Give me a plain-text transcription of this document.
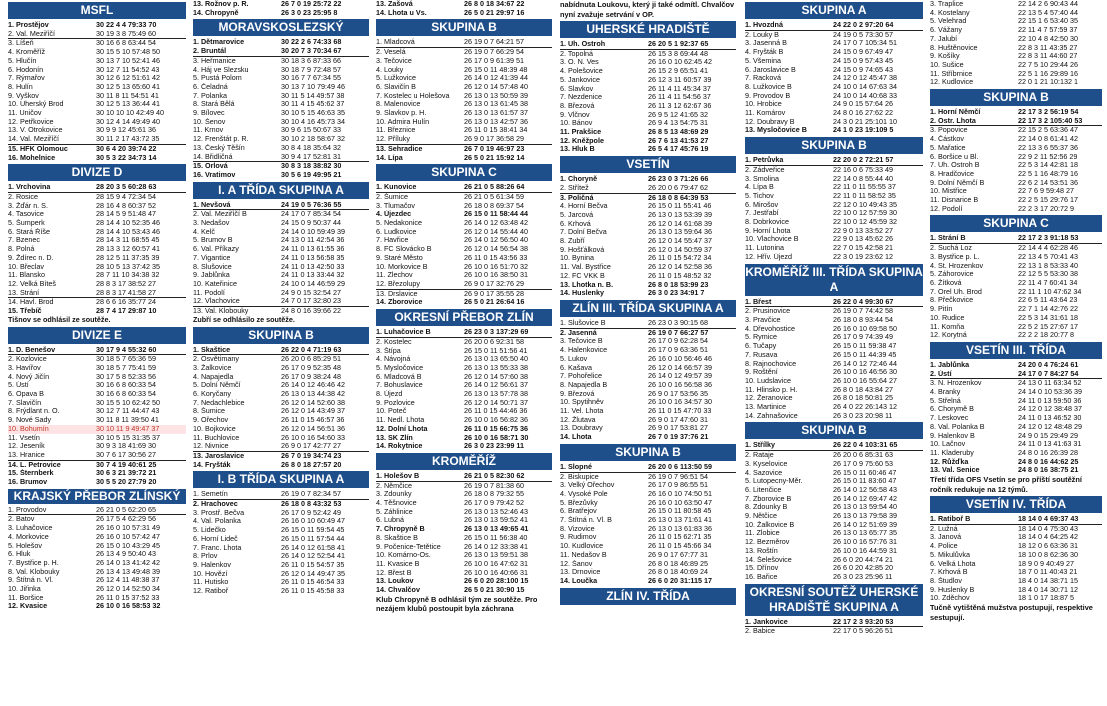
MSFL
1. Prostějov	30 22 4 4 79:33 70
2. Val. Meziříčí	30 19 3 8 75:49 60
3. Líšeň	30 16 6 8 63:44 54
4. Kroměříž	30 15 5 10 57:48 50
5. Hlučín	30 13 7 10 52:41 46
6. Hodonín	30 12 7 11 54:52 43
7. Rýmařov	30 12 6 12 51:61 42
8. Hulín	30 12 5 13 65:60 41
9. Vyškov	30 11 8 11 54:51 41
10. Uherský Brod	30 12 5 13 36:44 41
11. Uničov	30 10 10 10 42:49 40
12. Petřkovice	30 12 4 14 49:49 40
13. V. Otrokovice	30 9 9 12 45:61 36
14. Val. Meziříčí	30 11 2 17 43:72 35
15. HFK Olomouc	30 6 4 20 39:74 22
16. Mohelnice	30 5 3 22 34:73 14
DIVIZE D
1. Vrchovina	28 20 3 5 60:28 63
2. Rosice	28 15 9 4 72:34 54
3. Žďár n. S.	28 16 4 8 60:37 52
4. Tasovice	28 14 5 9 51:48 47
5. Šumperk	28 14 4 10 52:35 46
6. Stará Říše	28 14 4 10 53:43 46
7. Bzenec	28 14 3 11 68:55 45
8. Polná	28 13 3 12 60:57 41
9. Ždírec n. D.	28 12 5 11 37:35 39
10. Břeclav	28 10 5 13 37:42 35
11. Blansko	28 7 11 10 34:38 32
12. Velká Bíteš	28 8 3 17 38:52 27
13. Strání	28 8 3 17 41:58 27
14. Havl. Brod	28 6 6 16 35:77 24
15. Třebíč	28 7 4 17 29:87 10
Tišnov se odhlásil ze soutěže.
DIVIZE E
1. D. Benešov	30 17 9 4 55:32 60
2. Kozlovice	30 18 5 7 65:36 59
3. Havířov	30 18 5 7 75:41 59
4. Nový Jičín	30 17 5 8 52:33 56
5. Ústí	30 16 6 8 60:33 54
6. Opava B	30 16 6 8 60:33 54
7. Slavičín	30 15 5 10 62:42 50
8. Frýdlant n. O.	30 12 7 11 44:47 43
9. Nové Sady	30 11 8 11 39:50 41
10. Bohumín	30 10 11 9 49:47 37
11. Vsetín	30 10 5 15 31:35 37
12. Jeseník	30 9 3 18 41:69 30
13. Hranice	30 7 6 17 30:56 27
14. L. Petrovice	30 7 4 19 40:61 25
15. Šternberk	30 6 3 21 39:72 21
16. Brumov	30 5 5 20 27:79 20
KRAJSKÝ PŘEBOR ZLÍNSKÝ
1. Provodov	26 21 0 5 62:20 65
2. Batov	26 17 5 4 62:29 56
3. Luhačovice	26 16 0 10 57:31 49
4. Morkovice	26 16 0 10 57:42 47
5. Holešov	26 15 0 10 43:29 45
6. Hluk	26 13 4 9 50:40 43
7. Bystřice p. H.	26 14 0 13 41:42 42
8. Val. Klobouky	26 13 4 13 49:48 39
9. Štítná n. Vl.	26 12 4 11 48:38 37
10. Jiřinka	26 12 0 14 52:50 34
11. Boršice	26 11 0 15 37:52 33
12. Kvasice	26 10 0 16 58:53 32
13. Rožnov p. R.	26 7 0 19 25:72 22
14. Chropyně	26 3 0 23 25:95 8
MORAVSKOSLEZSKÝ
1. Dětmarovice	30 22 2 6 74:33 68
2. Bruntál	30 20 7 3 70:34 67
3. Heřmanice	30 18 3 6 87:33 66
4. Háj ve Slezsku	30 18 7 9 72:48 57
5. Pustá Polom	30 16 7 7 67:34 55
6. Čeladná	30 13 7 10 79:49 46
7. Polanka	30 11 5 14 49:57 38
8. Stará Bělá	30 11 4 15 45:62 37
9. Bílovec	30 10 5 15 46:63 35
10. Šenov	30 10 4 16 45:73 34
11. Krnov	30 9 6 15 50:67 33
12. Frenštát p. R.	30 10 2 18 58:67 32
13. Český Těšín	30 8 4 18 35:64 32
14. Břidličná	30 9 4 17 52:81 31
15. Orlová	30 8 3 18 38:82 30
16. Vratimov	30 5 6 19 49:95 21
I. A TŘÍDA SKUPINA A
1. Nevšová	24 19 0 5 76:36 55
2. Val. Meziříčí B	24 17 0 7 85:34 54
3. Nedašov	24 15 0 9 50:37 44
4. Kelč	24 14 0 10 59:49 39
5. Brumov B	24 13 0 11 42:54 36
6. Val. Příkazy	24 11 0 13 61:55 36
7. Vigantice	24 11 0 13 56:58 35
8. Slušovice	24 11 0 13 42:50 33
9. Jablůnka	24 11 0 13 33:44 32
10. Kateřinice	24 10 0 14 46:59 29
11. Podolí	24 9 0 15 32:54 27
12. Vlachovice	24 7 0 17 32:80 23
13. Val. Klobouky	24 8 0 16 39:66 22
Zubří se odhlásilo ze soutěže.
SKUPINA B
1. Skaštice	26 22 0 4 71:19 63
2. Osvětimany	26 20 0 6 85:29 51
3. Žalkovice	26 17 0 9 52:35 48
4. Napajedla	26 17 0 9 38:24 48
5. Dolní Němčí	26 14 0 12 46:46 42
6. Koryčany	26 13 0 13 44:38 42
7. Nedachlebice	26 12 0 14 52:60 38
8. Šumice	26 12 0 14 43:49 37
9. Ořechov	26 11 0 15 46:57 36
10. Bojkovice	26 12 0 14 56:51 36
11. Buchlovice	26 10 0 16 54:60 33
12. Nivnice	26 9 0 17 42:77 27
13. Jaroslavice	26 7 0 19 34:74 23
14. Fryšták	26 8 0 18 27:57 20
I. B TŘÍDA SKUPINA A
1. Semetín	26 19 0 7 82:34 57
2. Hrachovec	26 18 0 8 43:32 53
3. Prostř. Bečva	26 17 0 9 52:42 49
4. Val. Polanka	26 16 0 10 60:49 47
5. Lidečko	26 15 0 11 59:54 45
6. Horní Lideč	26 15 0 11 57:54 44
7. Franc. Lhota	26 14 0 12 61:58 41
8. Prlov	26 14 0 12 52:54 41
9. Halenkov	26 11 0 15 54:57 35
10. Hovězí	26 12 0 14 49:47 35
11. Hutisko	26 11 0 15 46:54 33
12. Ratiboř	26 11 0 15 45:58 33
13. Zašová	26 8 0 18 34:67 22
14. Lhota u Vs.	26 5 0 21 29:97 16
SKUPINA B
1. Mladcová	26 19 0 7 64:21 57
2. Veselá	26 19 0 7 66:29 54
3. Tečovice	26 17 0 9 61:39 51
4. Louky	26 15 0 11 48:39 48
5. Lužkovice	26 14 0 12 41:39 44
6. Slavičín B	26 12 0 14 57:48 40
7. Kostelec u Holešova	26 13 0 13 50:59 39
8. Malenovice	26 13 0 13 61:45 38
9. Slavkov p. H.	26 13 0 13 61:57 37
10. Admira Hulín	26 13 0 13 42:57 36
11. Březnice	26 11 0 15 38:41 34
12. Příluky	26 9 0 17 36:58 29
13. Sehradice	26 7 0 19 46:97 23
14. Lípa	26 5 0 21 15:92 14
SKUPINA C
1. Kunovice	26 21 0 5 88:26 64
2. Šumice	26 21 0 5 61:34 59
3. Tlumačov	26 18 0 8 69:37 54
4. Újezdec	26 15 0 11 58:44 44
5. Nedakonice	26 14 0 12 63:48 42
6. Ludkovice	26 12 0 14 55:44 40
7. Havřice	26 14 0 12 56:50 40
8. FC Slovácko B	26 12 0 14 56:54 38
9. Staré Město	26 11 0 15 43:56 33
10. Morkovice B	26 10 0 16 51:70 32
11. Zlechov	26 10 0 16 38:50 31
12. Březolupy	26 9 0 17 32:76 29
13. Drslavice	26 9 0 17 35:55 28
14. Zborovice	26 5 0 21 26:64 16
OKRESNÍ PŘEBOR ZLÍN
1. Luhačovice B	26 23 0 3 137:29 69
2. Kostelec	26 20 0 6 92:31 58
3. Štípa	26 15 0 11 51:56 41
4. Návojná	26 13 0 13 65:50 40
5. Mysločovice	26 13 0 13 55:33 38
6. Mladcová B	26 12 0 14 57:60 38
7. Bohuslavice	26 14 0 12 56:61 37
8. Újezd	26 13 0 13 57:78 38
9. Pozlovice	26 12 0 14 50:71 37
10. Poteč	26 11 0 15 44:46 36
11. Nedl. Lhota	26 10 0 16 56:82 36
12. Dolní Lhota	26 11 0 15 66:75 36
13. SK Zlín	26 10 0 16 58:71 30
14. Rokytnice	26 3 0 23 23:99 11
KROMĚŘÍŽ
1. Holešov B	26 21 0 5 82:30 62
2. Němčice	26 19 0 7 81:38 60
3. Zdounky	26 18 0 8 79:32 55
4. Těšnovice	26 17 0 9 79:42 52
5. Záhlinice	26 13 0 13 52:46 43
6. Lubná	26 13 0 13 59:52 41
7. Chropyně B	26 13 0 13 49:65 41
8. Skaštice B	26 15 0 11 56:38 40
9. Počenice-Tetětice	26 14 0 12 33:38 41
10. Komárno-Os.	26 13 0 13 59:51 38
11. Kvasice B	26 10 0 16 47:62 31
12. Břest B	26 10 0 16 40:66 31
13. Loukov	26 6 0 20 28:100 15
14. Chvalčov	26 5 0 21 30:90 15
Klub Chropyně B odhlásil tým ze soutěže. Pro nezájem klubů postoupit byla záchrana
nabídnuta Loukovu, který ji také odmítl. Chvalčov nyní zvažuje setrvání v OP.
UHERSKÉ HRADIŠTĚ
1. Uh. Ostroh	26 20 5 1 92:37 65
2. Topolná	26 15 3 8 69:44 48
3. O. N. Ves	26 16 0 10 62:45 42
4. Polešovice	26 15 2 9 65:51 41
5. Jankovice	26 12 3 11 60:57 39
6. Slavkov	26 11 4 11 45:34 37
7. Nezdenice	26 11 4 11 54:56 37
8. Březová	26 11 3 12 62:67 36
9. Vlčnov	26 9 5 12 41:65 32
10. Bánov	26 9 4 13 54:75 31
11. Prakšice	26 8 5 13 48:69 29
12. Kněžpole	26 7 6 13 41:53 27
13. Hluk B	26 5 4 17 45:76 19
VSETÍN
1. Choryně	26 23 0 3 71:26 66
2. Střítež	26 20 0 6 79:47 62
3. Poličná	26 18 0 8 64:39 53
4. Horní Bečva	26 15 0 11 55:41 46
5. Jarcová	26 13 0 13 53:39 39
6. Krhová	26 12 0 14 61:68 39
7. Dolní Bečva	26 13 0 13 59:64 36
8. Zubří	26 12 0 14 55:47 37
9. Hošťálková	26 12 0 14 50:59 37
10. Bynina	26 11 0 15 54:72 34
11. Val. Bystřice	26 12 0 14 52:58 36
12. FC VKK B	26 11 0 15 48:52 32
13. Lhotka n. B.	26 8 0 18 53:99 23
14. Huslenky	26 3 0 23 34:91 7
ZLÍN III. TŘÍDA SKUPINA A
1. Slušovice B	26 23 0 3 90:15 68
2. Jasenná	26 19 0 7 66:27 57
3. Tečovice B	26 17 0 9 62:28 54
4. Halenkovice	26 17 0 9 63:36 51
5. Lukov	26 16 0 10 56:46 46
6. Kašava	26 12 0 14 66:57 39
7. Pohořelice	26 14 0 12 49:57 39
8. Napajedla B	26 10 0 16 56:58 36
9. Březová	26 9 0 17 53:56 35
10. Spytihněv	26 10 0 16 34:57 30
11. Vel. Lhota	26 11 0 15 47:70 33
12. Žlutava	26 9 0 17 47:60 31
13. Doubravy	26 9 0 17 53:81 27
14. Lhota	26 7 0 19 37:76 21
SKUPINA B
1. Slopné	26 20 0 6 113:50 59
2. Biskupice	26 19 0 7 96:51 54
3. Velký Ořechov	26 17 0 9 86:55 51
4. Vysoké Pole	26 16 0 10 74:50 51
5. Březůvky	26 16 0 10 63:50 47
6. Bratřejov	26 15 0 11 80:58 45
7. Štítná n. Vl. B	26 13 0 13 71:61 41
8. Vizovice	26 13 0 13 61:83 36
9. Rudimov	26 11 0 15 62:71 35
10. Kudlovice	26 11 0 15 45:66 34
11. Nedašov B	26 9 0 17 67:77 31
12. Šanov	26 8 0 18 46:89 25
13. Drnovice	26 8 0 18 40:69 24
14. Loučka	26 6 0 20 31:115 17
ZLÍN IV. TŘÍDA
SKUPINA A
1. Hvozdná	24 22 0 2 97:20 64
2. Louky B	24 19 0 5 73:30 57
3. Jasenná B	24 17 0 7 105:34 51
4. Fryšták B	24 15 0 9 67:49 47
5. Všemina	24 15 0 9 57:43 45
6. Jaroslavice B	24 15 0 9 74:65 43
7. Racková	24 12 0 12 45:47 38
8. Lužkovice B	24 10 0 14 67:63 34
9. Provodov B	24 10 0 14 40:68 33
10. Hrobice	24 9 0 15 57:64 26
11. Komárov	24 8 0 16 27:62 22
12. Doubravy B	24 3 0 21 25:101 10
13. Mysločovice B	24 1 0 23 19:109 5
SKUPINA B
1. Petrůvka	22 20 0 2 72:21 57
2. Zádveřice	22 16 0 6 75:33 49
3. Smolina	22 14 0 8 55:44 40
4. Lípa B	22 11 0 11 55:55 37
5. Tichov	22 11 0 11 58:52 35
6. Mirošov	22 12 0 10 49:43 35
7. Jestřabí	22 10 0 12 57:59 30
8. Dobrkovice	22 10 0 12 45:59 32
9. Horní Lhota	22 9 0 13 33:52 27
10. Vlachovice B	22 9 0 13 45:62 26
11. Lutonina	22 7 0 15 42:58 21
12. Hřív. Újezd	22 3 0 19 23:62 12
KROMĚŘÍŽ III. TŘÍDA SKUPINA A
1. Břest	26 22 0 4 99:30 67
2. Prusinovice	26 19 0 7 74:42 58
3. Pravčice	26 18 0 8 93:44 54
4. Dřevohostice	26 16 0 10 69:58 50
5. Rymice	26 17 0 9 74:39 49
6. Tučapy	26 15 0 11 59:38 47
7. Rusava	26 15 0 11 44:39 45
8. Rajnochovice	26 14 0 12 72:46 44
9. Roštění	26 10 0 16 46:56 30
10. Ludslavice	26 10 0 16 55:64 27
11. Hlinsko p. H.	26 8 0 18 43:84 27
12. Žeranovice	26 8 0 18 50:81 25
13. Martinice	26 4 0 22 26:143 12
14. Zahnašovice	26 3 0 23 20:98 11
SKUPINA B
1. Střílky	26 22 0 4 103:31 65
2. Rataje	26 20 0 6 85:31 63
3. Kyselovice	26 17 0 9 75:60 53
4. Sazovice	26 15 0 11 60:46 47
5. Lutopecny-Měr.	26 15 0 11 83:60 47
6. Litenčice	26 14 0 12 56:58 43
7. Zborovice B	26 14 0 12 69:47 42
8. Zdounky B	26 13 0 13 59:54 40
9. Nětčice	26 13 0 13 79:58 39
10. Žalkovice B	26 14 0 12 51:69 39
11. Zlobice	26 13 0 13 65:77 35
12. Bezměrov	26 10 0 16 57:76 31
13. Roštín	26 10 0 16 44:59 31
14. Šelešovice	26 6 0 20 44:74 21
15. Dřínov	26 6 0 20 42:85 20
16. Bařice	26 3 0 23 25:96 11
OKRESNÍ SOUTĚŽ UHERSKÉ HRADIŠTĚ SKUPINA A
1. Jankovice	22 17 2 3 93:20 53
2. Babice	22 17 0 5 96:26 51
3. Traplice	22 14 2 6 90:43 44
4. Kostelany	22 13 5 4 57:40 44
5. Velehrad	22 15 1 6 53:40 35
6. Vážany	22 11 4 7 57:59 37
7. Jalubí	22 10 4 8 42:50 30
8. Huštěnovice	22 8 3 11 43:35 27
9. Košíky	22 8 3 11 44:60 27
10. Sušice	22 7 5 10 29:44 26
11. Stříbrnice	22 5 1 16 29:89 16
12. Kudlovice	22 0 1 21 10:132 1
SKUPINA B
1. Horní Němčí	22 17 3 2 56:19 54
2. Ostr. Lhota	22 17 3 2 105:40 53
3. Popovice	22 15 2 5 63:36 47
4. Částkov	22 14 0 8 61:41 42
5. Mařatice	22 13 3 6 55:37 36
6. Boršice u Bl.	22 9 2 11 52:56 29
7. Uh. Ostroh B	22 5 3 14 42:81 18
8. Hradčovice	22 5 1 16 48:79 16
9. Dolní Němčí B	22 6 2 14 53:51 36
10. Mistřice	22 7 6 9 59:48 27
11. Disnarice B	22 2 5 15 29:76 17
12. Podolí	22 2 3 17 20:72 9
SKUPINA C
1. Strání B	22 17 2 3 91:18 53
2. Suchá Loz	22 14 4 4 62:28 46
3. Bystřice p. L.	22 13 4 5 70:41 43
4. St. Hrozenkov	22 13 1 8 53:33 40
5. Záhorovice	22 12 5 5 53:30 38
6. Žítková	22 11 4 7 60:41 34
7. Orel Uh. Brod	22 11 1 10 47:62 34
8. Přečkovice	22 6 5 11 43:64 23
9. Pitín	22 7 1 14 42:76 22
10. Rudice	22 5 3 14 31:61 18
11. Komňa	22 5 2 15 27:67 17
12. Korytná	22 2 2 18 20:77 8
VSETÍN III. TŘÍDA
1. Jablůnka	24 20 0 4 76:24 61
2. Ústí	24 17 0 7 84:27 54
3. N. Hrozenkov	24 13 0 11 63:34 52
4. Branky	24 14 0 10 53:36 39
5. Střelná	24 11 0 13 59:50 36
6. Chorymě B	24 12 0 12 38:48 37
7. Leskovec	24 11 0 13 46:52 30
8. Val. Polanka B	24 12 0 12 48:48 29
9. Halenkov B	24 9 0 15 29:49 29
10. Lačnov	24 11 0 13 41:63 31
11. Kladeruby	24 8 0 16 26:39 28
12. Růžďka	24 8 0 16 44:62 25
13. Val. Senice	24 8 0 16 38:75 21
Třetí třída OFS Vsetín se pro příští soutěžní ročník redukuje na 12 týmů.
VSETÍN IV. TŘÍDA
1. Ratiboř B	18 14 0 4 69:37 43
2. Lužná	18 14 0 4 75:30 43
3. Janová	18 14 0 4 64:25 42
4. Police	18 12 0 6 63:36 31
5. Mikulůvka	18 10 0 8 62:36 30
6. Velká Lhota	18 9 0 9 40:49 27
7. Krhová B	18 7 0 11 40:43 21
8. Študlov	18 4 0 14 38:71 15
9. Huslenky B	18 4 0 14 30:71 12
10. Zděchov	18 1 0 17 18:87 5
Tučně vytištěná mužstva postupují, respektive sestupují.
